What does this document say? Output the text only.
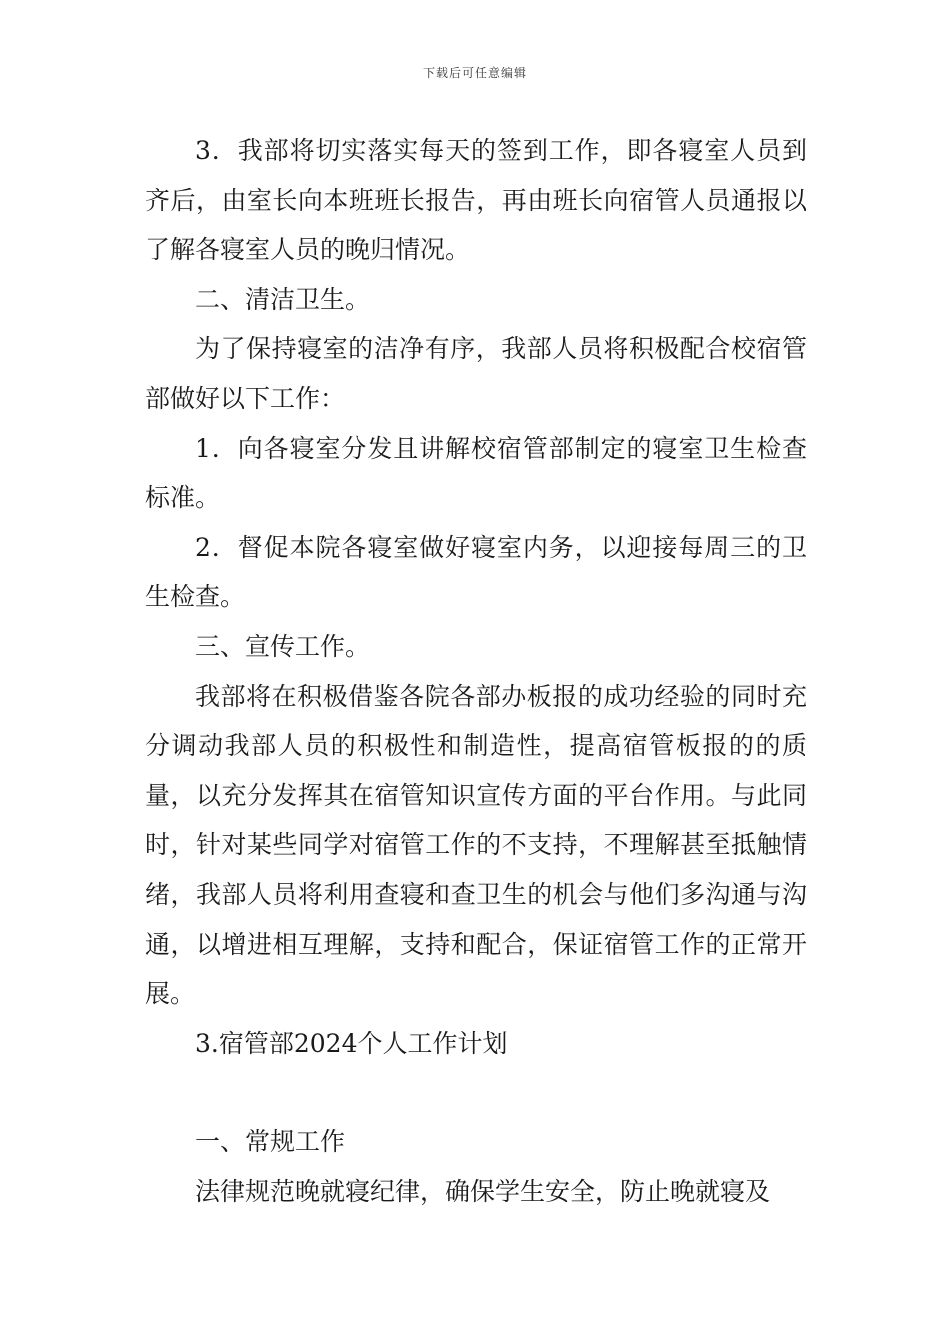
下载后可任意编辑

3．我部将切实落实每天的签到工作，即各寝室人员到齐后，由室长向本班班长报告，再由班长向宿管人员通报以了解各寝室人员的晚归情况。

二、清洁卫生。

为了保持寝室的洁净有序，我部人员将积极配合校宿管部做好以下工作：

1．向各寝室分发且讲解校宿管部制定的寝室卫生检查标准。

2．督促本院各寝室做好寝室内务，以迎接每周三的卫生检查。

三、宣传工作。

我部将在积极借鉴各院各部办板报的成功经验的同时充分调动我部人员的积极性和制造性，提高宿管板报的的质量，以充分发挥其在宿管知识宣传方面的平台作用。与此同时，针对某些同学对宿管工作的不支持，不理解甚至抵触情绪，我部人员将利用查寝和查卫生的机会与他们多沟通与沟通，以增进相互理解，支持和配合，保证宿管工作的正常开展。

3.宿管部2024个人工作计划

一、常规工作

法律规范晚就寝纪律，确保学生安全，防止晚就寝及
